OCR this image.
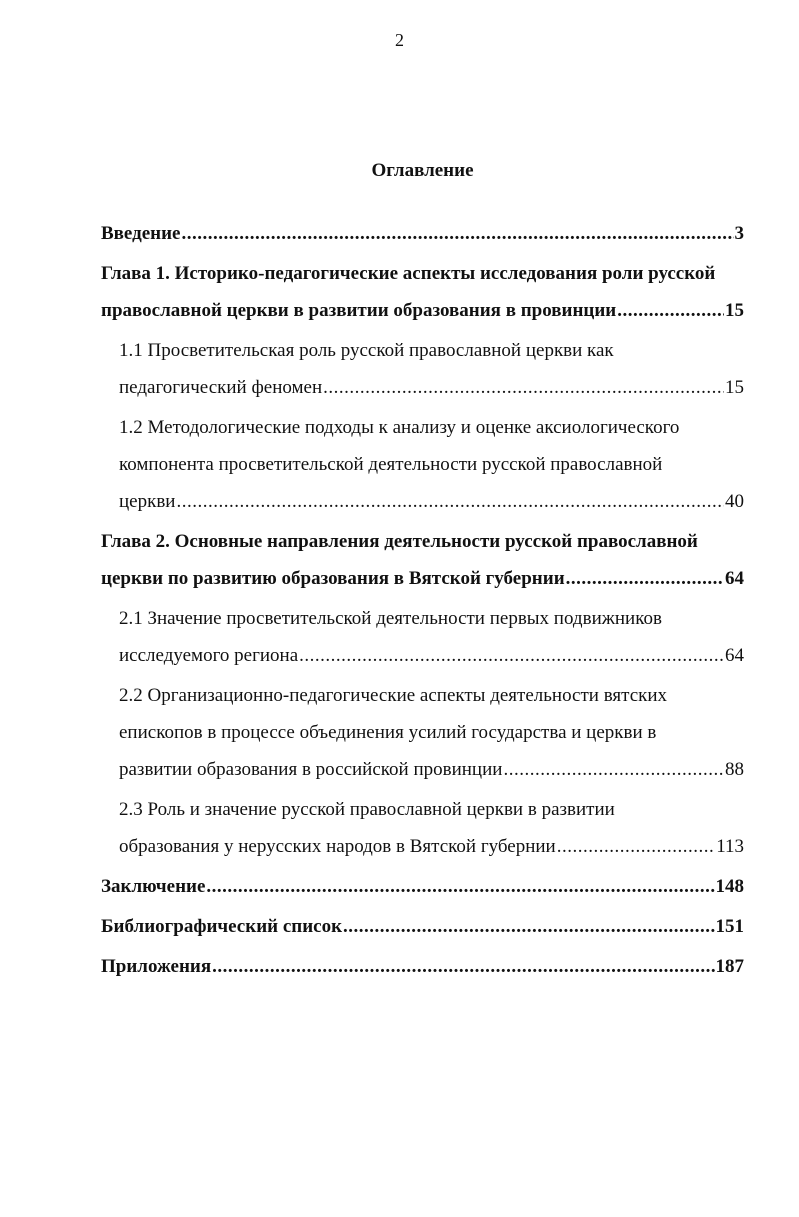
2
Оглавление
Введение .....	3
Глава 1. Историко-педагогические аспекты исследования роли русской
православной церкви в развитии образования в провинции .....	15
1.1 Просветительская роль русской православной церкви как
педагогический феномен .....	15
1.2 Методологические подходы к анализу и оценке аксиологического
компонента просветительской деятельности русской православной
церкви .....	40
Глава 2. Основные направления деятельности русской православной
церкви по развитию образования в Вятской губернии .....	64
2.1 Значение просветительской деятельности первых подвижников
исследуемого региона .....	64
2.2 Организационно-педагогические аспекты деятельности вятских
епископов в процессе объединения усилий государства и церкви в
развитии образования в российской провинции .....	88
2.3 Роль и значение русской православной церкви в развитии
образования у нерусских народов в Вятской губернии .....	113
Заключение .....	148
Библиографический список .....	151
Приложения .....	187
